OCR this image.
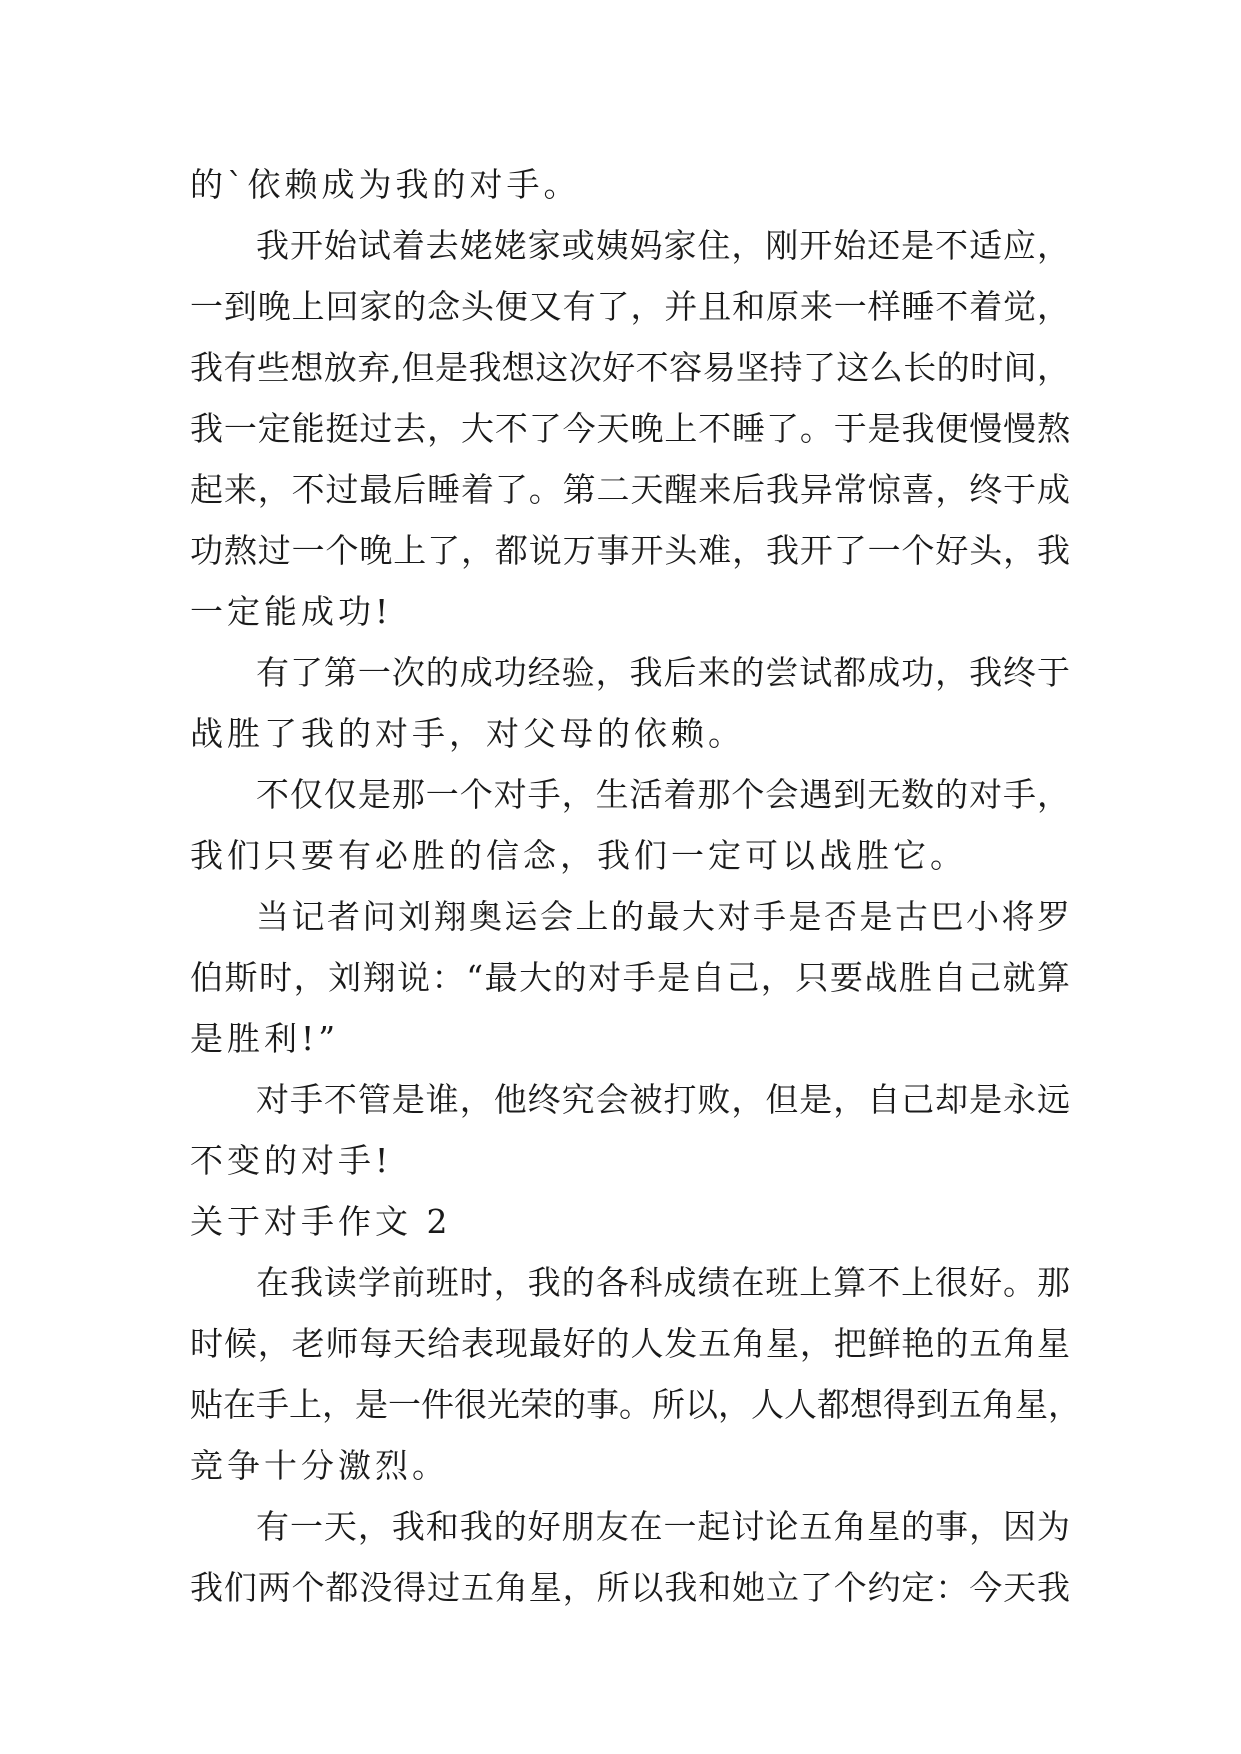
的`依赖成为我的对手。
我开始试着去姥姥家或姨妈家住，刚开始还是不适应，
一到晚上回家的念头便又有了，并且和原来一样睡不着觉，
我有些想放弃,但是我想这次好不容易坚持了这么长的时间，
我一定能挺过去，大不了今天晚上不睡了。于是我便慢慢熬
起来，不过最后睡着了。第二天醒来后我异常惊喜，终于成
功熬过一个晚上了，都说万事开头难，我开了一个好头，我
一定能成功!
有了第一次的成功经验，我后来的尝试都成功，我终于
战胜了我的对手，对父母的依赖。
不仅仅是那一个对手，生活着那个会遇到无数的对手，
我们只要有必胜的信念，我们一定可以战胜它。
当记者问刘翔奥运会上的最大对手是否是古巴小将罗
伯斯时，刘翔说：“最大的对手是自己，只要战胜自己就算
是胜利!”
对手不管是谁，他终究会被打败，但是，自己却是永远
不变的对手!
关于对手作文 2
在我读学前班时，我的各科成绩在班上算不上很好。那
时候，老师每天给表现最好的人发五角星，把鲜艳的五角星
贴在手上，是一件很光荣的事。所以，人人都想得到五角星，
竞争十分激烈。
有一天，我和我的好朋友在一起讨论五角星的事，因为
我们两个都没得过五角星，所以我和她立了个约定：今天我
